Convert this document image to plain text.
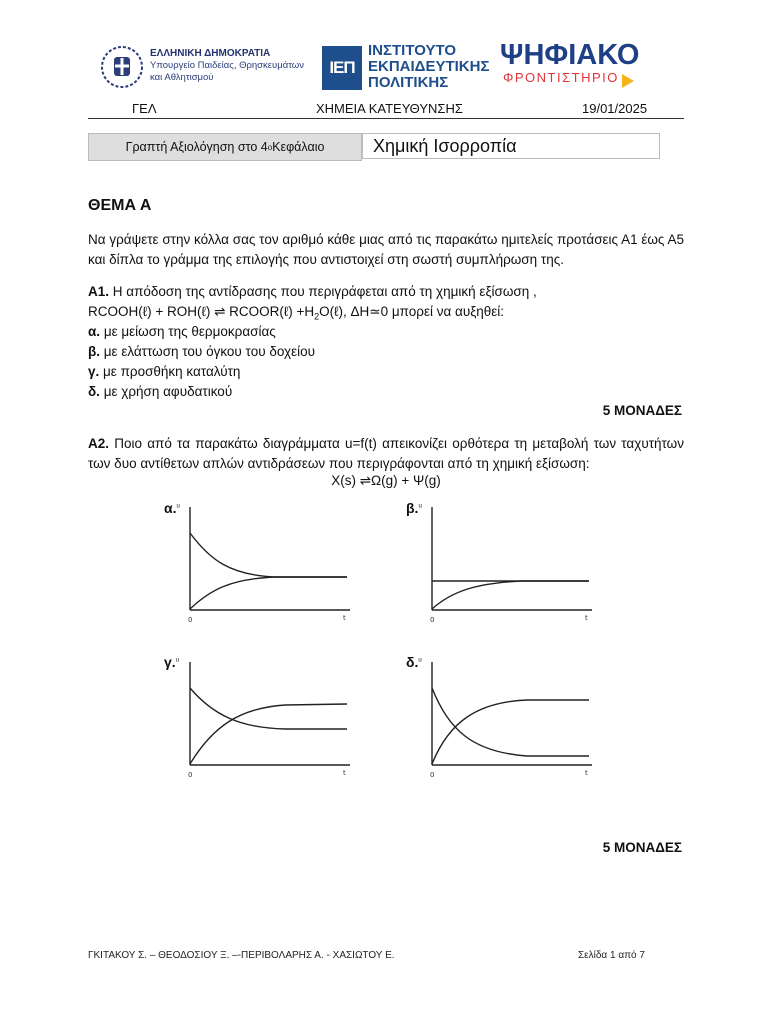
ΕΛΛΗΝΙΚΗ ΔΗΜΟΚΡΑΤΙΑ
Υπουργείο Παιδείας, Θρησκευμάτων
και Αθλητισμού
ΙΕΠ
ΙΝΣΤΙΤΟΥΤΟ
ΕΚΠΑΙΔΕΥΤΙΚΗΣ
ΠΟΛΙΤΙΚΗΣ
ΨΗΦΙΑΚΟ
ΦΡΟΝΤΙΣΤΗΡΙΟ
ΓΕΛ	ΧΗΜΕΙΑ ΚΑΤΕΥΘΥΝΣΗΣ	19/01/2025
Γραπτή Αξιολόγηση στο 4 ο Κεφάλαιο	Χημική Ισορροπία
ΘΕΜΑ Α
Να γράψετε στην κόλλα σας τον αριθμό κάθε μιας από τις παρακάτω ημιτελείς προτάσεις Α1 έως Α5 και δίπλα το γράμμα της επιλογής που αντιστοιχεί στη σωστή συμπλήρωση της.
Α1. Η απόδοση της αντίδρασης που περιγράφεται από τη χημική εξίσωση ,
RCOOH(ℓ) + ROH(ℓ) ⇌ RCOOR(ℓ) $+H_2O(\ell)$, ΔH≃0 μπορεί να αυξηθεί:
α. με μείωση της θερμοκρασίας
β. με ελάττωση του όγκου του δοχείου
γ. με προσθήκη καταλύτη
δ. με χρήση αφυδατικού
5 ΜΟΝΑΔΕΣ
Α2. Ποιο από τα παρακάτω διαγράμματα u=f(t) απεικονίζει ορθότερα τη μεταβολή των ταχυτήτων των δυο αντίθετων απλών αντιδράσεων που περιγράφονται από τη χημική εξίσωση:
X(s) ⇌Ω(g) + Ψ(g)
α.$^u$	β.$^u$
γ.$^u$	δ.$^u$
0	t	0	t
0	t	0	t
5 ΜΟΝΑΔΕΣ
ΓΚΙΤΑΚΟΥ Σ. – ΘΕΟΔΟΣΙΟΥ Ξ. –-ΠΕΡΙΒΟΛΑΡΗΣ Α. - ΧΑΣΙΩΤΟΥ Ε.	Σελίδα 1 από 7
